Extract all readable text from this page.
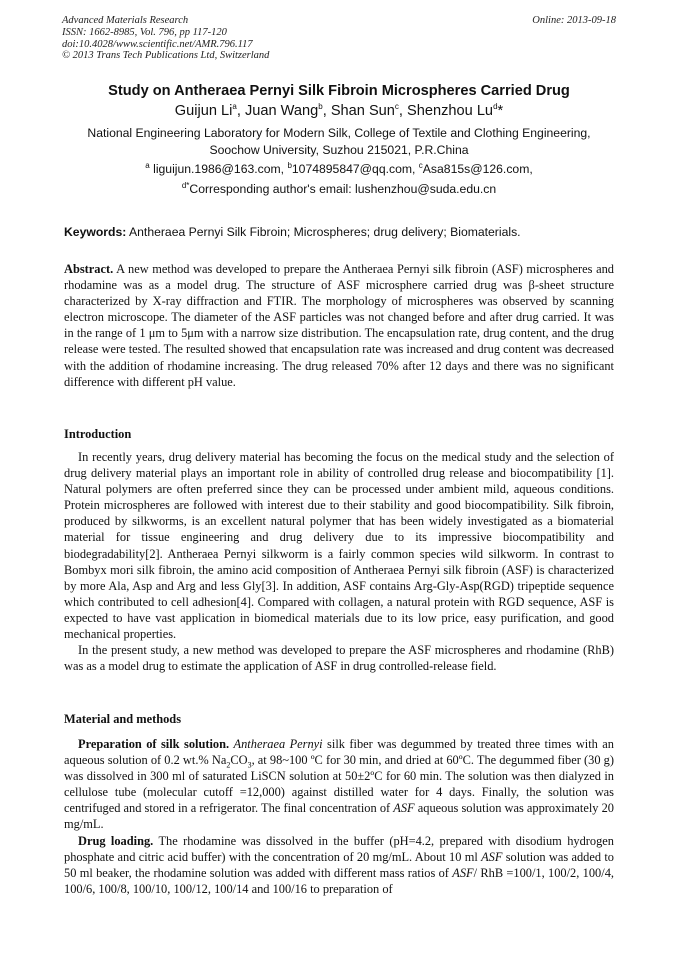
Advanced Materials Research
ISSN: 1662-8985, Vol. 796, pp 117-120
doi:10.4028/www.scientific.net/AMR.796.117
© 2013 Trans Tech Publications Ltd, Switzerland
Online: 2013-09-18
Study on Antheraea Pernyi Silk Fibroin Microspheres Carried Drug
Guijun Li$^a$, Juan Wang$^b$, Shan Sun$^c$, Shenzhou Lu$^d$*
National Engineering Laboratory for Modern Silk, College of Textile and Clothing Engineering,
Soochow University, Suzhou 215021, P.R.China
$^a$ liguijun.1986@163.com, $^b$1074895847@qq.com, $^c$Asa815s@126.com,
$^{d*}$Corresponding author's email: lushenzhou@suda.edu.cn
Keywords: Antheraea Pernyi Silk Fibroin; Microspheres; drug delivery; Biomaterials.

Abstract. A new method was developed to prepare the Antheraea Pernyi silk fibroin (ASF) microspheres and rhodamine was as a model drug. The structure of ASF microsphere carried drug was β-sheet structure characterized by X-ray diffraction and FTIR. The morphology of microspheres was observed by scanning electron microscope. The diameter of the ASF particles was not changed before and after drug carried. It was in the range of 1 μm to 5μm with a narrow size distribution. The encapsulation rate, drug content, and the drug release were tested. The resulted showed that encapsulation rate was increased and drug content was decreased with the addition of rhodamine increasing. The drug released 70% after 12 days and there was no significant difference with different pH value.

Introduction

In recently years, drug delivery material has becoming the focus on the medical study and the selection of drug delivery material plays an important role in ability of controlled drug release and biocompatibility [1]. Natural polymers are often preferred since they can be processed under ambient mild, aqueous conditions. Protein microspheres are followed with interest due to their stability and good biocompatibility. Silk fibroin, produced by silkworms, is an excellent natural polymer that has been widely investigated as a biomaterial material for tissue engineering and drug delivery due to its impressive biocompatibility and biodegradability[2]. Antheraea Pernyi silkworm is a fairly common species wild silkworm. In contrast to Bombyx mori silk fibroin, the amino acid composition of Antheraea Pernyi silk fibroin (ASF) is characterized by more Ala, Asp and Arg and less Gly[3]. In addition, ASF contains Arg-Gly-Asp(RGD) tripeptide sequence which contributed to cell adhesion[4]. Compared with collagen, a natural protein with RGD sequence, ASF is expected to have vast application in biomedical materials due to its low price, easy purification, and good mechanical properties.

In the present study, a new method was developed to prepare the ASF microspheres and rhodamine (RhB) was as a model drug to estimate the application of ASF in drug controlled-release field.

Material and methods

Preparation of silk solution. Antheraea Pernyi silk fiber was degummed by treated three times with an aqueous solution of 0.2 wt.% $Na_2CO_3$, at 98~100 ºC for 30 min, and dried at 60ºC. The degummed fiber (30 g) was dissolved in 300 ml of saturated LiSCN solution at 50±2ºC for 60 min. The solution was then dialyzed in cellulose tube (molecular cutoff =12,000) against distilled water for 4 days. Finally, the solution was centrifuged and stored in a refrigerator. The final concentration of ASF aqueous solution was approximately 20 mg/mL.

Drug loading. The rhodamine was dissolved in the buffer (pH=4.2, prepared with disodium hydrogen phosphate and citric acid buffer) with the concentration of 20 mg/mL. About 10 ml ASF solution was added to 50 ml beaker, the rhodamine solution was added with different mass ratios of ASF/ RhB =100/1, 100/2, 100/4, 100/6, 100/8, 100/10, 100/12, 100/14 and 100/16 to preparation of
